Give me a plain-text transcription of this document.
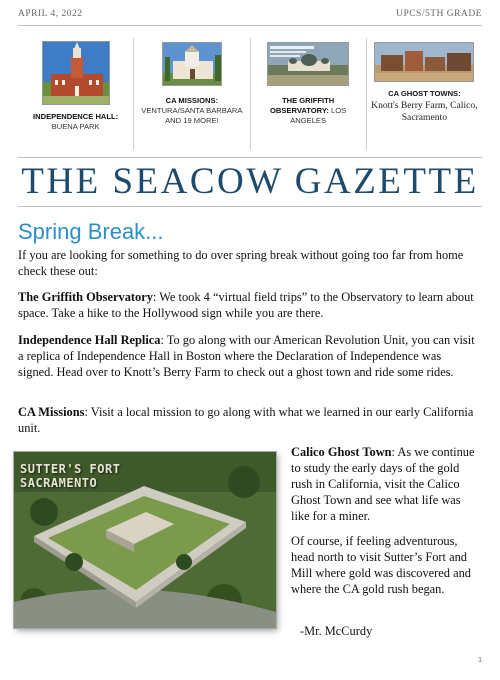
APRIL 4, 2022	UPCS/5TH GRADE
INDEPENDENCE HALL: BUENA PARK
CA MISSIONS:
VENTURA/SANTA BARBARA AND 19 MORE!
THE GRIFFITH OBSERVATORY: LOS ANGELES
CA GHOST TOWNS:
Knott's Berry Farm, Calico, Sacramento
THE SEACOW GAZETTE
Spring Break...
If you are looking for something to do over spring break without going too far from home check these out:
The Griffith Observatory: We took 4 “virtual field trips” to the Observatory to learn about space. Take a hike to the Hollywood sign while you are there.
Independence Hall Replica: To go along with our American Revolution Unit, you can visit a replica of Independence Hall in Boston where the Declaration of Independence was signed. Head over to Knott’s Berry Farm to check out a ghost town and ride some rides.
CA Missions: Visit a local mission to go along with what we learned in our early California unit.
SUTTER'S FORT
SACRAMENTO
Calico Ghost Town: As we continue to study the early days of the gold rush in California, visit the Calico Ghost Town and see what life was like for a miner.
Of course, if feeling adventurous, head north to visit Sutter’s Fort and Mill where gold was discovered and where the CA gold rush began.
-Mr. McCurdy
1
